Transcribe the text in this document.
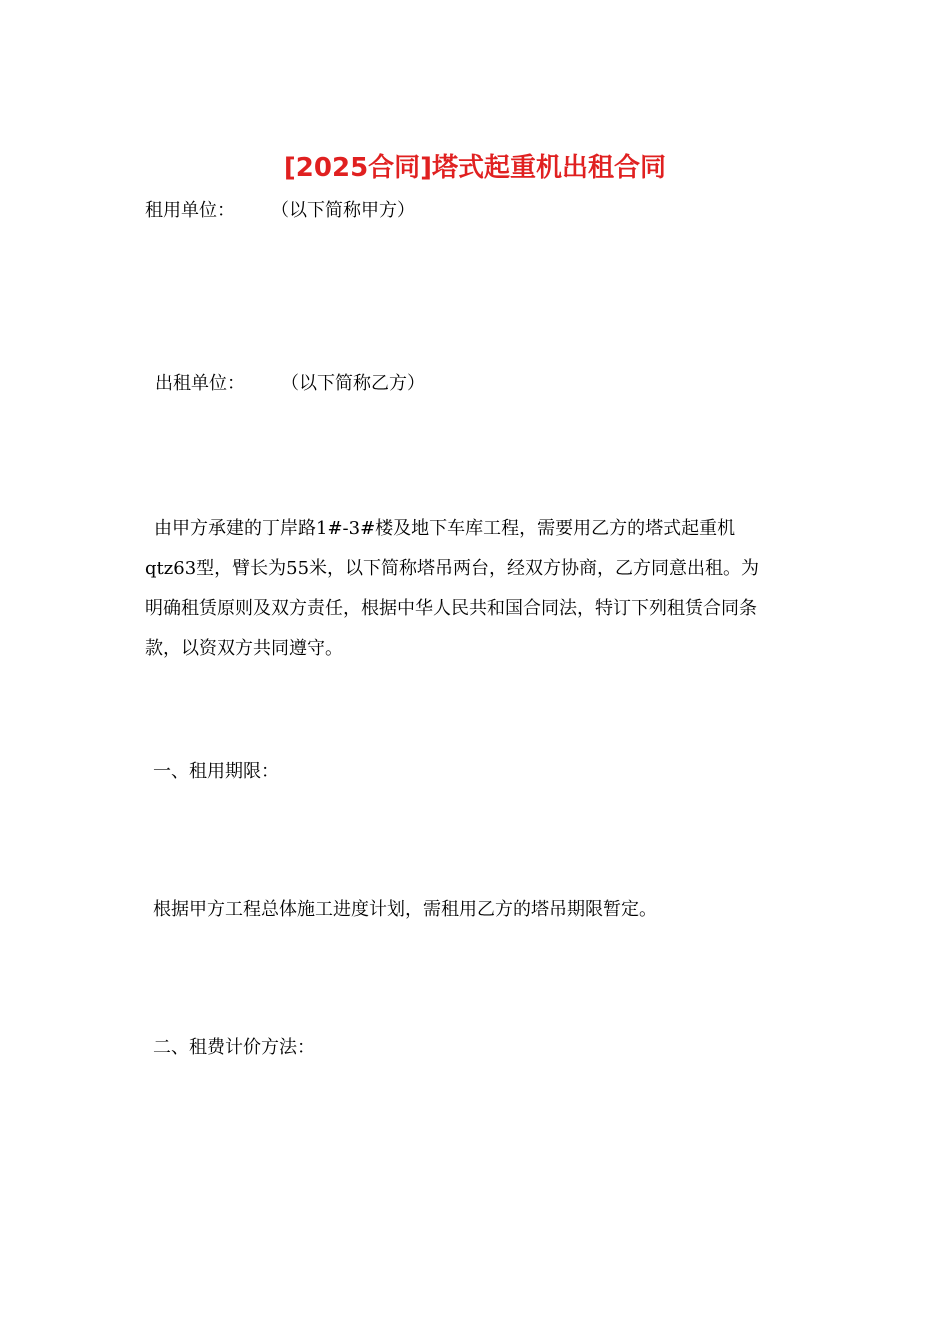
[2025合同]塔式起重机出租合同

租用单位： （以下简称甲方）

出租单位： （以下简称乙方）

由甲方承建的丁岸路1#-3#楼及地下车库工程，需要用乙方的塔式起重机
qtz63型，臂长为55米，以下简称塔吊两台，经双方协商，乙方同意出租。为
明确租赁原则及双方责任，根据中华人民共和国合同法，特订下列租赁合同条
款，以资双方共同遵守。

一、租用期限：

根据甲方工程总体施工进度计划，需租用乙方的塔吊期限暂定。

二、租费计价方法：
